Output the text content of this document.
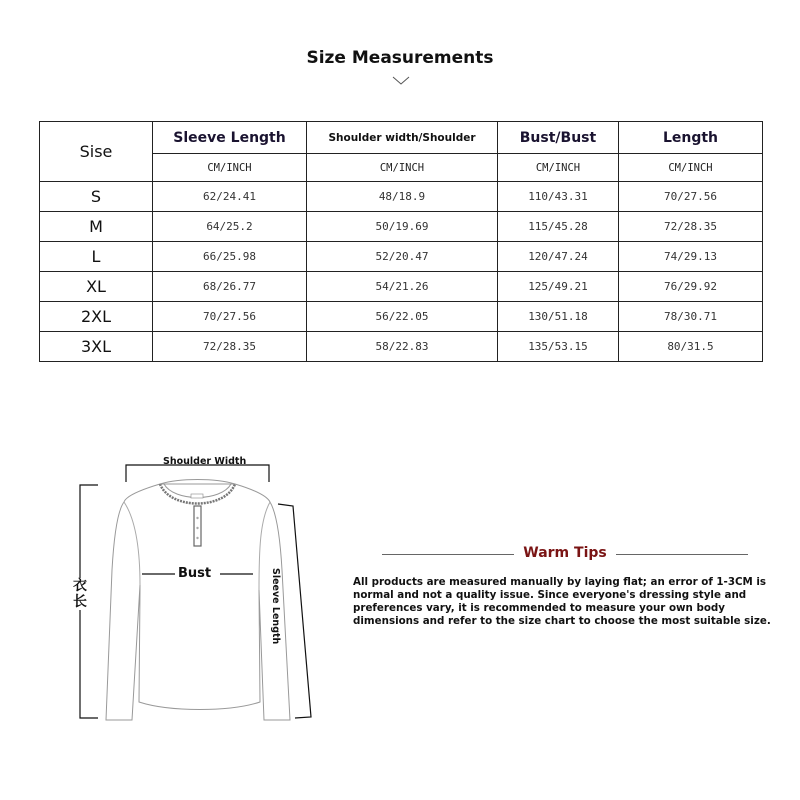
Size Measurements
Sise	Sleeve Length	Shoulder width/Shoulder	Bust/Bust	Length
	CM/INCH	CM/INCH	CM/INCH	CM/INCH
S	62/24.41	48/18.9	110/43.31	70/27.56
M	64/25.2	50/19.69	115/45.28	72/28.35
L	66/25.98	52/20.47	120/47.24	74/29.13
XL	68/26.77	54/21.26	125/49.21	76/29.92
2XL	70/27.56	56/22.05	130/51.18	78/30.71
3XL	72/28.35	58/22.83	135/53.15	80/31.5
Shoulder Width
Bust
衣长	Sleeve Length
Warm Tips
All products are measured manually by laying flat; an error of 1-3CM is normal and not a quality issue. Since everyone's dressing style and preferences vary, it is recommended to measure your own body dimensions and refer to the size chart to choose the most suitable size.
